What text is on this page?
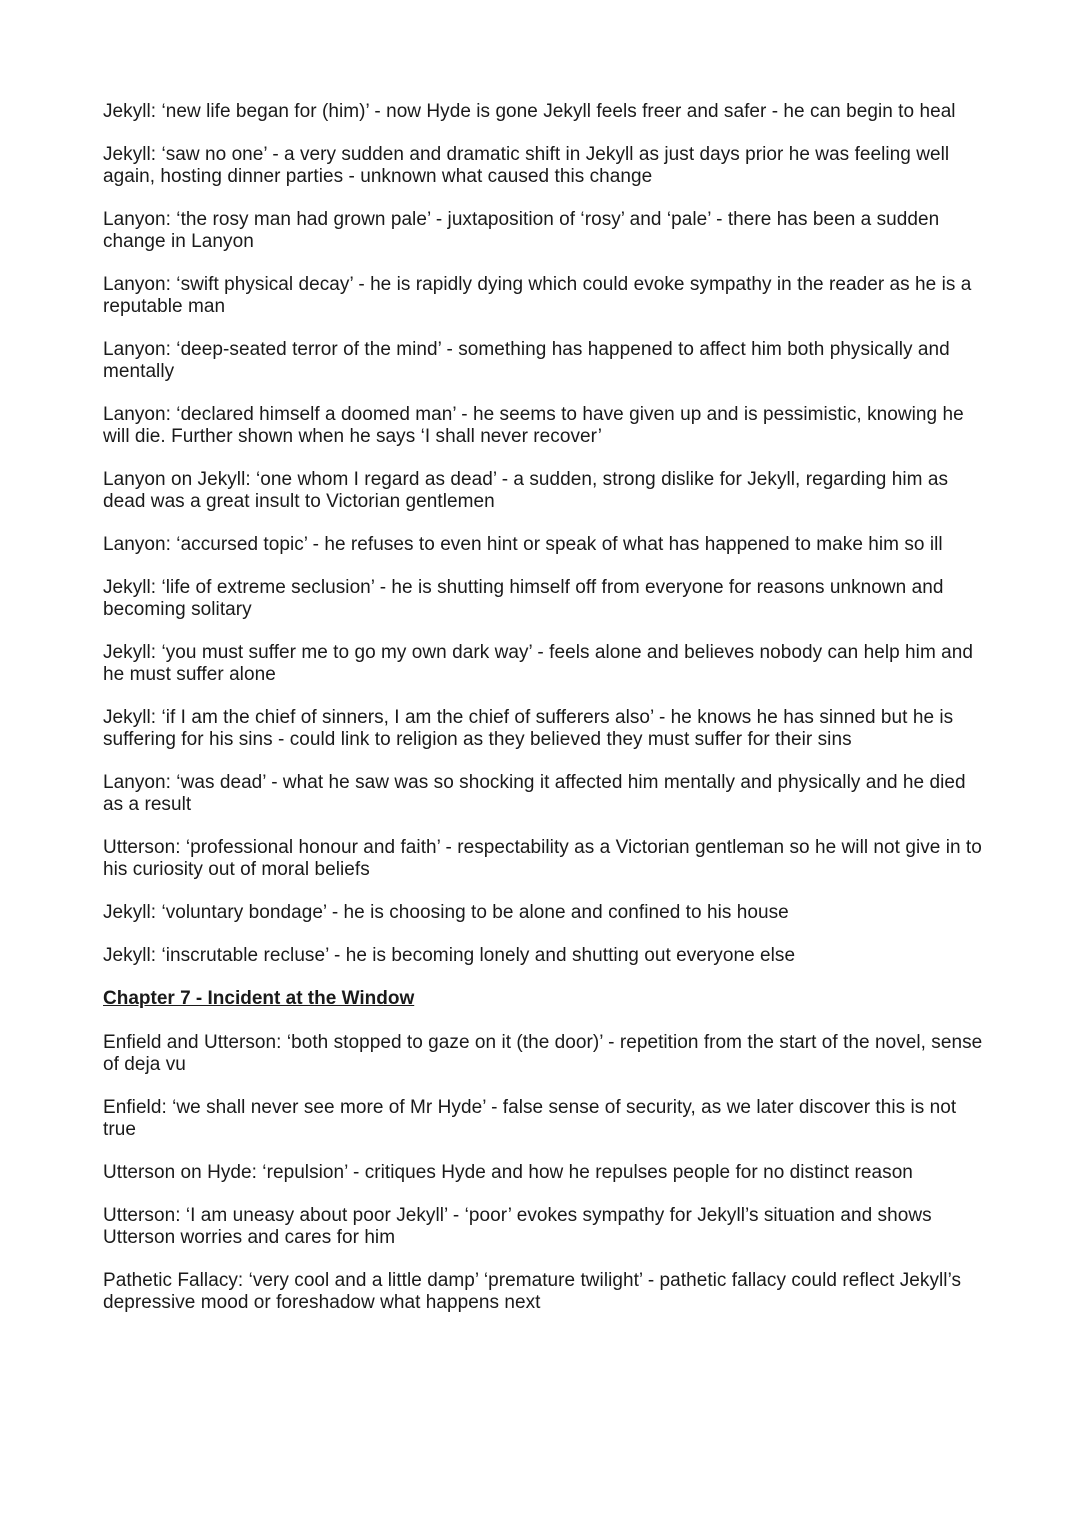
Jekyll: ‘new life began for (him)’ - now Hyde is gone Jekyll feels freer and safer - he can begin to heal

Jekyll: ‘saw no one’ - a very sudden and dramatic shift in Jekyll as just days prior he was feeling well again, hosting dinner parties - unknown what caused this change

Lanyon: ‘the rosy man had grown pale’ - juxtaposition of ‘rosy’ and ‘pale’ - there has been a sudden change in Lanyon

Lanyon: ‘swift physical decay’ - he is rapidly dying which could evoke sympathy in the reader as he is a reputable man

Lanyon: ‘deep-seated terror of the mind’ - something has happened to affect him both physically and mentally

Lanyon: ‘declared himself a doomed man’ - he seems to have given up and is pessimistic, knowing he will die. Further shown when he says ‘I shall never recover’

Lanyon on Jekyll: ‘one whom I regard as dead’ - a sudden, strong dislike for Jekyll, regarding him as dead was a great insult to Victorian gentlemen

Lanyon: ‘accursed topic’ - he refuses to even hint or speak of what has happened to make him so ill

Jekyll: ‘life of extreme seclusion’ - he is shutting himself off from everyone for reasons unknown and becoming solitary

Jekyll: ‘you must suffer me to go my own dark way’ - feels alone and believes nobody can help him and he must suffer alone

Jekyll: ‘if I am the chief of sinners, I am the chief of sufferers also’ - he knows he has sinned but he is suffering for his sins - could link to religion as they believed they must suffer for their sins

Lanyon: ‘was dead’ - what he saw was so shocking it affected him mentally and physically and he died as a result

Utterson: ‘professional honour and faith’ - respectability as a Victorian gentleman so he will not give in to his curiosity out of moral beliefs

Jekyll: ‘voluntary bondage’ - he is choosing to be alone and confined to his house

Jekyll: ‘inscrutable recluse’ - he is becoming lonely and shutting out everyone else

Chapter 7 - Incident at the Window

Enfield and Utterson: ‘both stopped to gaze on it (the door)’ - repetition from the start of the novel, sense of deja vu

Enfield: ‘we shall never see more of Mr Hyde’ - false sense of security, as we later discover this is not true

Utterson on Hyde: ‘repulsion’ - critiques Hyde and how he repulses people for no distinct reason

Utterson: ‘I am uneasy about poor Jekyll’ - ‘poor’ evokes sympathy for Jekyll’s situation and shows Utterson worries and cares for him

Pathetic Fallacy: ‘very cool and a little damp’ ‘premature twilight’ - pathetic fallacy could reflect Jekyll’s depressive mood or foreshadow what happens next
